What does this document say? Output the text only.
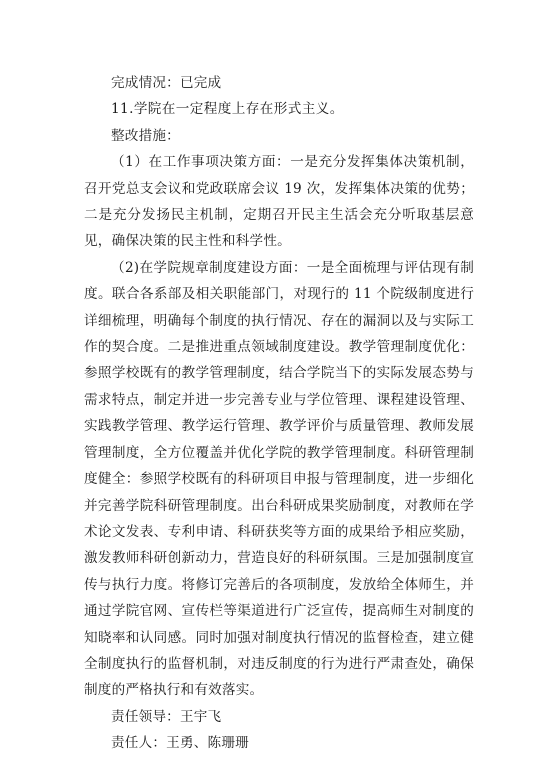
完成情况：已完成
11.学院在一定程度上存在形式主义。
整改措施：
（1）在工作事项决策方面：一是充分发挥集体决策机制，召开党总支会议和党政联席会议 19 次，发挥集体决策的优势；二是充分发扬民主机制，定期召开民主生活会充分听取基层意见，确保决策的民主性和科学性。
（2)在学院规章制度建设方面：一是全面梳理与评估现有制度。联合各系部及相关职能部门，对现行的 11 个院级制度进行详细梳理，明确每个制度的执行情况、存在的漏洞以及与实际工作的契合度。二是推进重点领域制度建设。教学管理制度优化：参照学校既有的教学管理制度，结合学院当下的实际发展态势与需求特点，制定并进一步完善专业与学位管理、课程建设管理、实践教学管理、教学运行管理、教学评价与质量管理、教师发展管理制度，全方位覆盖并优化学院的教学管理制度。科研管理制度健全：参照学校既有的科研项目申报与管理制度，进一步细化并完善学院科研管理制度。出台科研成果奖励制度，对教师在学术论文发表、专利申请、科研获奖等方面的成果给予相应奖励，激发教师科研创新动力，营造良好的科研氛围。三是加强制度宣传与执行力度。将修订完善后的各项制度，发放给全体师生，并通过学院官网、宣传栏等渠道进行广泛宣传，提高师生对制度的知晓率和认同感。同时加强对制度执行情况的监督检查，建立健全制度执行的监督机制，对违反制度的行为进行严肃查处，确保制度的严格执行和有效落实。
责任领导：王宇飞
责任人：王勇、陈珊珊
